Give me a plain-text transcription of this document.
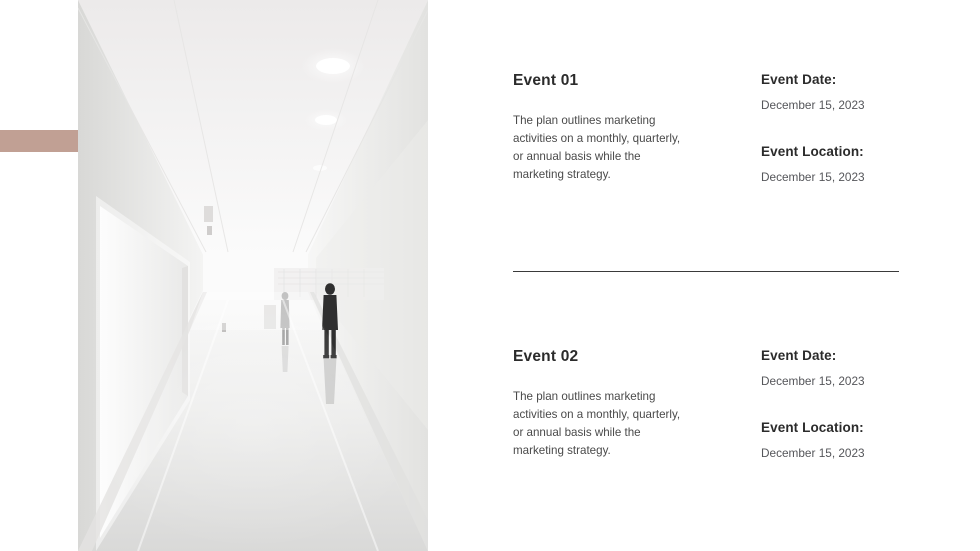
Event 01
The plan outlines marketing activities on a monthly, quarterly, or annual basis while the marketing strategy.
Event Date:
December 15, 2023
Event Location:
December 15, 2023
Event 02
The plan outlines marketing activities on a monthly, quarterly, or annual basis while the marketing strategy.
Event Date:
December 15, 2023
Event Location:
December 15, 2023
